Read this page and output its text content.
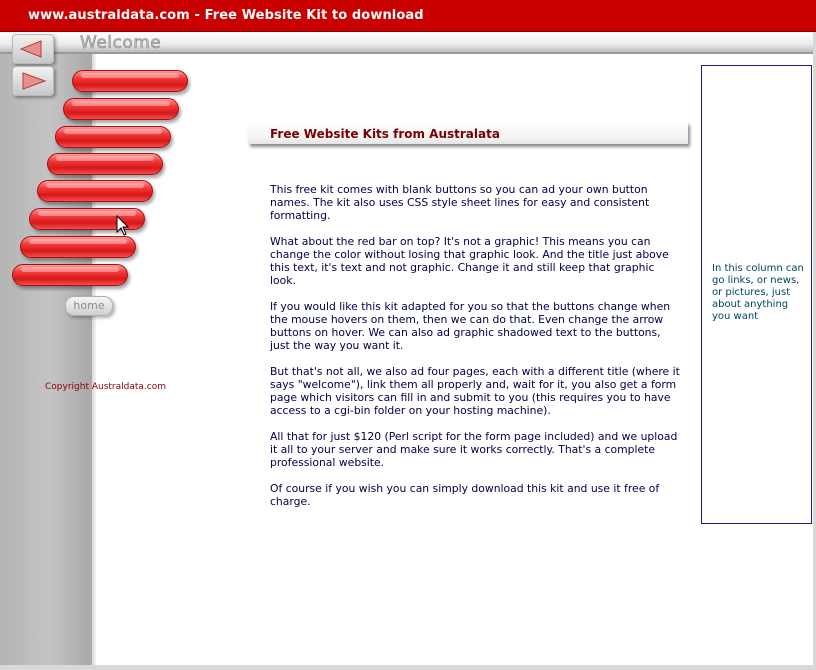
www.australdata.com - Free Website Kit to download
Welcome
home
Copyright Australdata.com
Free Website Kits from Australata

This free kit comes with blank buttons so you can ad your own button names. The kit also uses CSS style sheet lines for easy and consistent formatting.

What about the red bar on top? It's not a graphic! This means you can change the color without losing that graphic look. And the title just above this text, it's text and not graphic. Change it and still keep that graphic look.

If you would like this kit adapted for you so that the buttons change when the mouse hovers on them, then we can do that. Even change the arrow buttons on hover. We can also ad graphic shadowed text to the buttons, just the way you want it.

But that's not all, we also ad four pages, each with a different title (where it says "welcome"), link them all properly and, wait for it, you also get a form page which visitors can fill in and submit to you (this requires you to have access to a cgi-bin folder on your hosting machine).

All that for just $120 (Perl script for the form page included) and we upload it all to your server and make sure it works correctly. That's a complete professional website.

Of course if you wish you can simply download this kit and use it free of charge.

In this column can go links, or news, or pictures, just about anything you want
